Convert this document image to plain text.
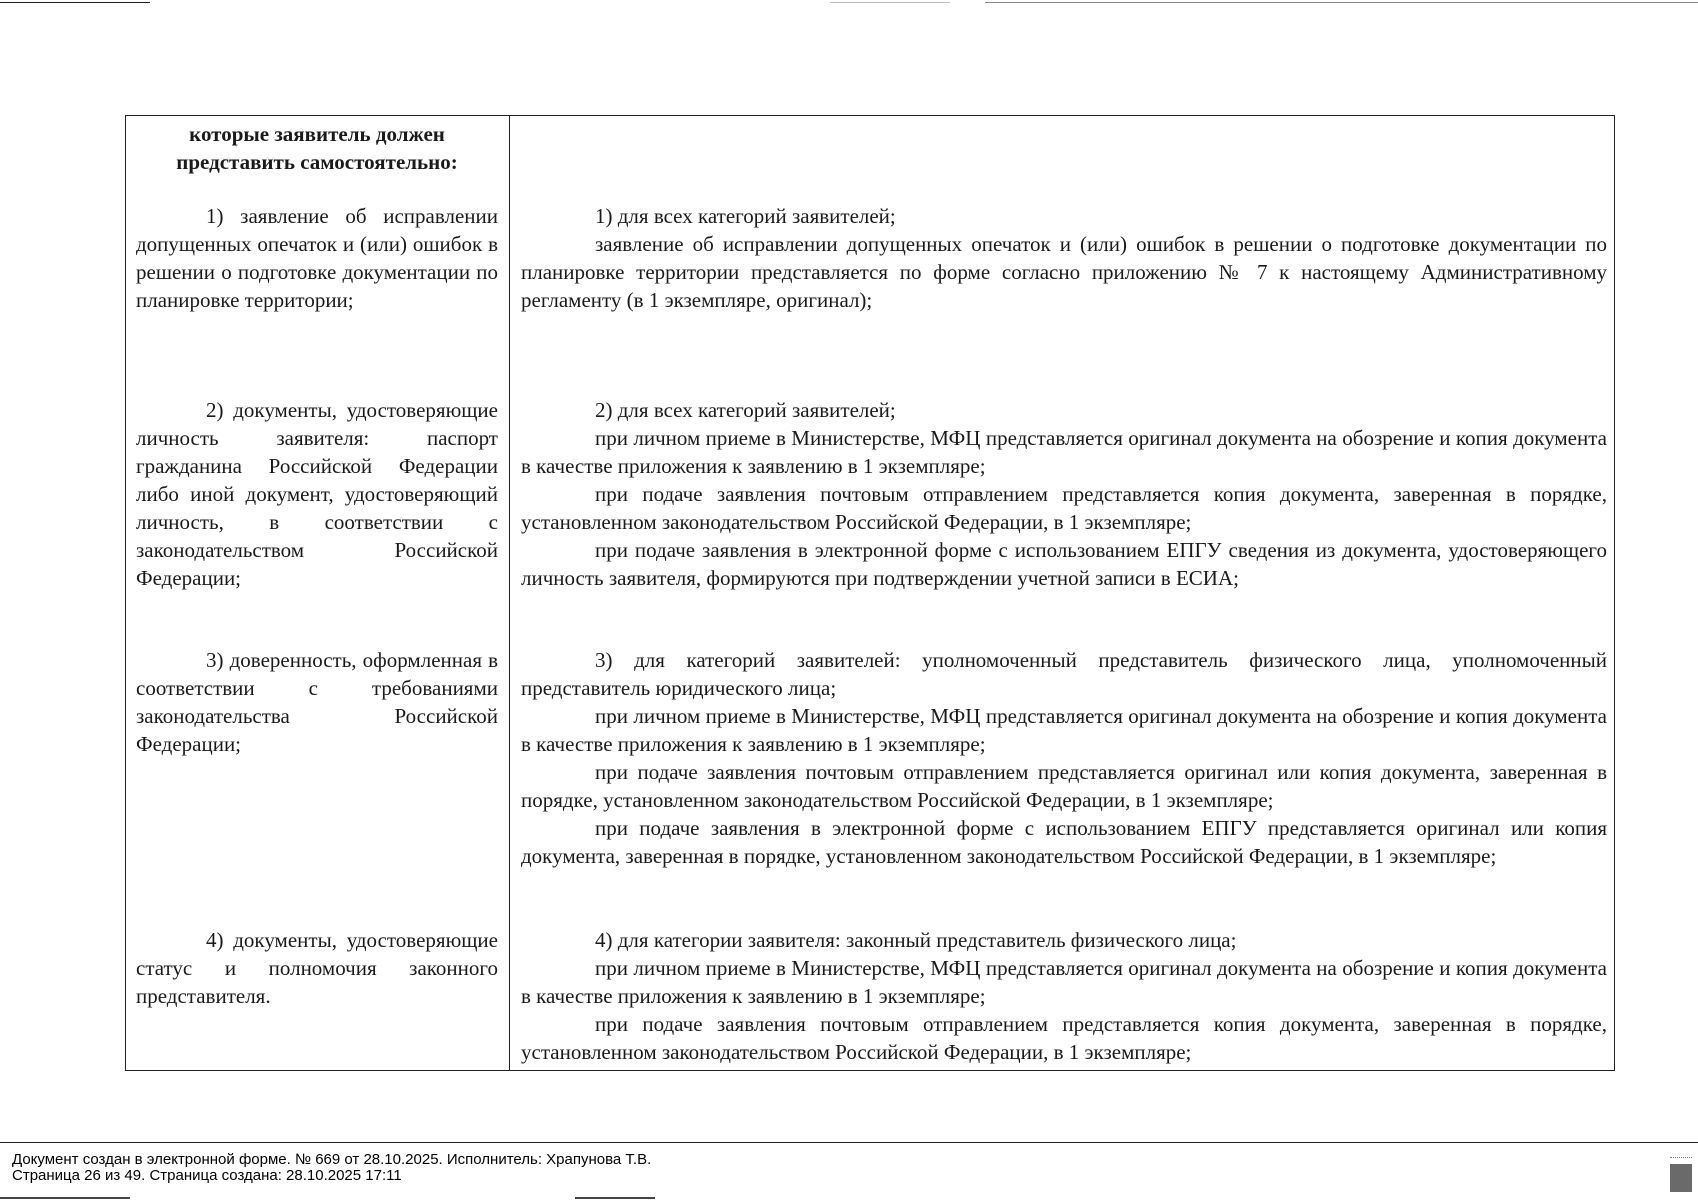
которые заявитель должен представить самостоятельно:
1) заявление об исправлении допущенных опечаток и (или) ошибок в решении о подготовке документации по планировке территории;

1) для всех категорий заявителей;

заявление об исправлении допущенных опечаток и (или) ошибок в решении о подготовке документации по планировке территории представляется по форме согласно приложению № 7 к настоящему Административному регламенту (в 1 экземпляре, оригинал);

2) документы, удостоверяющие личность заявителя: паспорт гражданина Российской Федерации либо иной документ, удостоверяющий личность, в соответствии с законодательством Российской Федерации;

2) для всех категорий заявителей;

при личном приеме в Министерстве, МФЦ представляется оригинал документа на обозрение и копия документа в качестве приложения к заявлению в 1 экземпляре;

при подаче заявления почтовым отправлением представляется копия документа, заверенная в порядке, установленном законодательством Российской Федерации, в 1 экземпляре;

при подаче заявления в электронной форме с использованием ЕПГУ сведения из документа, удостоверяющего личность заявителя, формируются при подтверждении учетной записи в ЕСИА;

3) доверенность, оформленная в соответствии с требованиями законодательства Российской Федерации;

3) для категорий заявителей: уполномоченный представитель физического лица, уполномоченный представитель юридического лица;

при личном приеме в Министерстве, МФЦ представляется оригинал документа на обозрение и копия документа в качестве приложения к заявлению в 1 экземпляре;

при подаче заявления почтовым отправлением представляется оригинал или копия документа, заверенная в порядке, установленном законодательством Российской Федерации, в 1 экземпляре;

при подаче заявления в электронной форме с использованием ЕПГУ представляется оригинал или копия документа, заверенная в порядке, установленном законодательством Российской Федерации, в 1 экземпляре;

4) документы, удостоверяющие статус и полномочия законного представителя.

4) для категории заявителя: законный представитель физического лица;

при личном приеме в Министерстве, МФЦ представляется оригинал документа на обозрение и копия документа в качестве приложения к заявлению в 1 экземпляре;

при подаче заявления почтовым отправлением представляется копия документа, заверенная в порядке, установленном законодательством Российской Федерации, в 1 экземпляре;

Документ создан в электронной форме. № 669 от 28.10.2025. Исполнитель: Храпунова Т.В.
Страница 26 из 49. Страница создана: 28.10.2025 17:11
